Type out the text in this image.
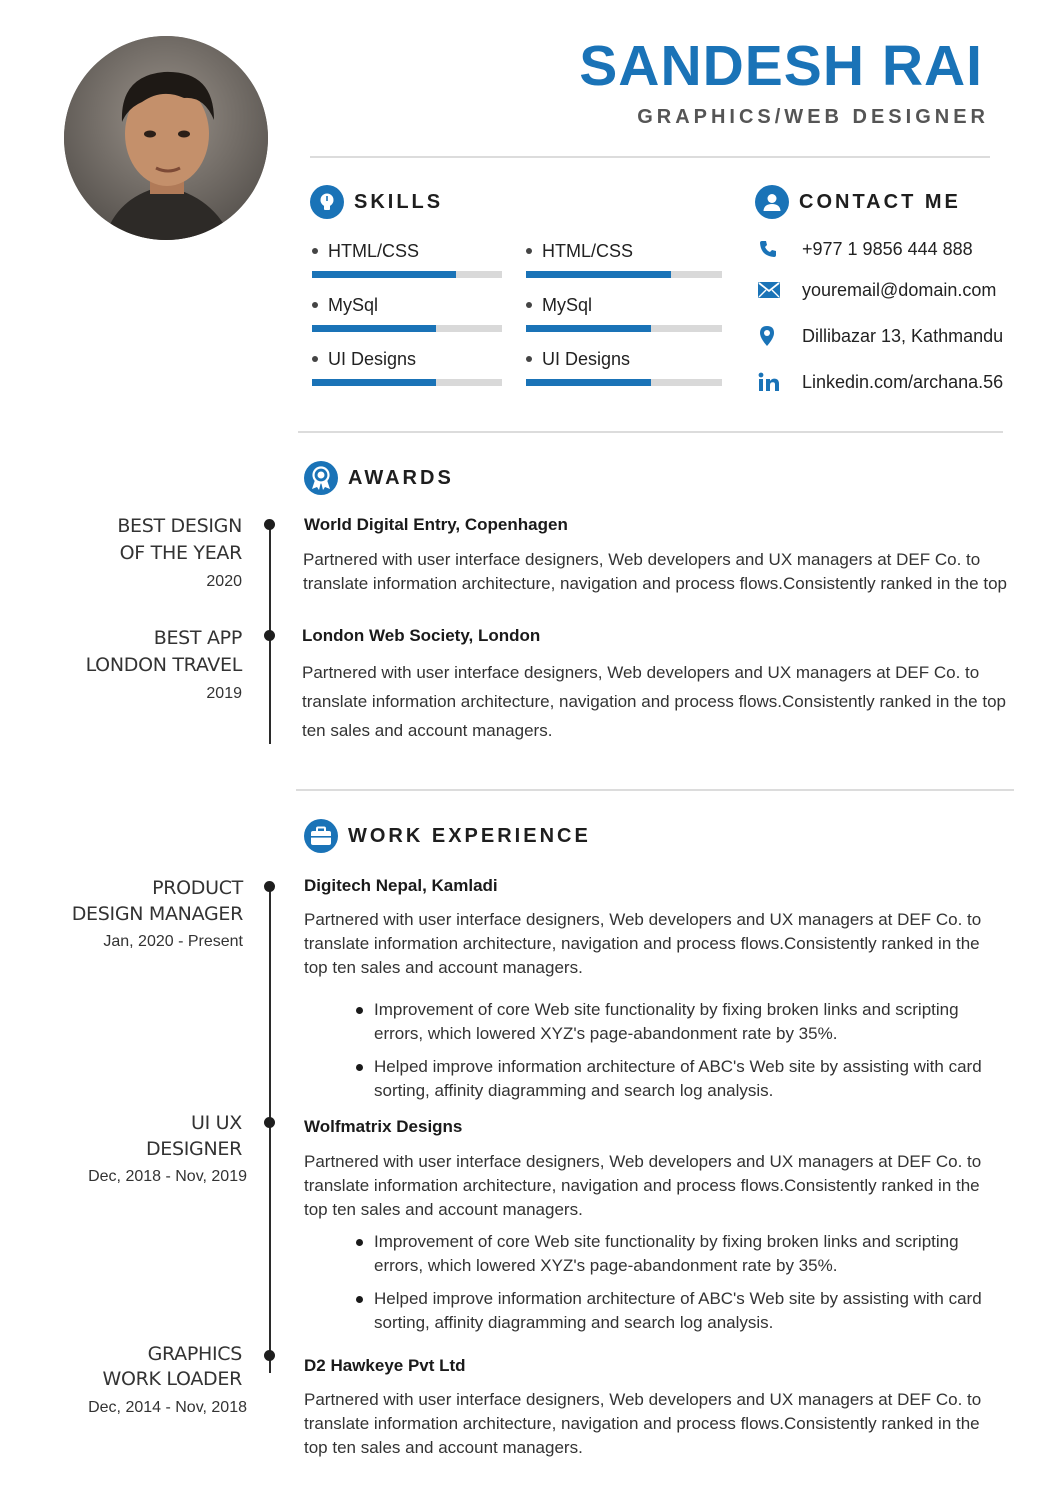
SANDESH RAI
GRAPHICS/WEB DESIGNER
SKILLS
HTML/CSS
MySql
UI Designs
HTML/CSS
MySql
UI Designs
CONTACT ME
+977 1 9856 444 888
youremail@domain.com
Dillibazar 13, Kathmandu
Linkedin.com/archana.56
AWARDS
BEST DESIGN
OF THE YEAR
2020
World Digital Entry, Copenhagen
Partnered with user interface designers, Web developers and UX managers at DEF Co. to
translate information architecture, navigation and process flows.Consistently ranked in the top
BEST APP
LONDON TRAVEL
2019
London Web Society, London
Partnered with user interface designers, Web developers and UX managers at DEF Co. to
translate information architecture, navigation and process flows.Consistently ranked in the top
ten sales and account managers.
WORK EXPERIENCE
PRODUCT
DESIGN MANAGER
Jan, 2020 - Present
Digitech Nepal, Kamladi
Partnered with user interface designers, Web developers and UX managers at DEF Co. to
translate information architecture, navigation and process flows.Consistently ranked in the
top ten sales and account managers.
Improvement of core Web site functionality by fixing broken links and scripting
errors, which lowered XYZ's page-abandonment rate by 35%.
Helped improve information architecture of ABC's Web site by assisting with card
sorting, affinity diagramming and search log analysis.
UI UX
DESIGNER
Dec, 2018 - Nov, 2019
Wolfmatrix Designs
Partnered with user interface designers, Web developers and UX managers at DEF Co. to
translate information architecture, navigation and process flows.Consistently ranked in the
top ten sales and account managers.
Improvement of core Web site functionality by fixing broken links and scripting
errors, which lowered XYZ's page-abandonment rate by 35%.
Helped improve information architecture of ABC's Web site by assisting with card
sorting, affinity diagramming and search log analysis.
GRAPHICS
WORK LOADER
Dec, 2014 - Nov, 2018
D2 Hawkeye Pvt Ltd
Partnered with user interface designers, Web developers and UX managers at DEF Co. to
translate information architecture, navigation and process flows.Consistently ranked in the
top ten sales and account managers.
